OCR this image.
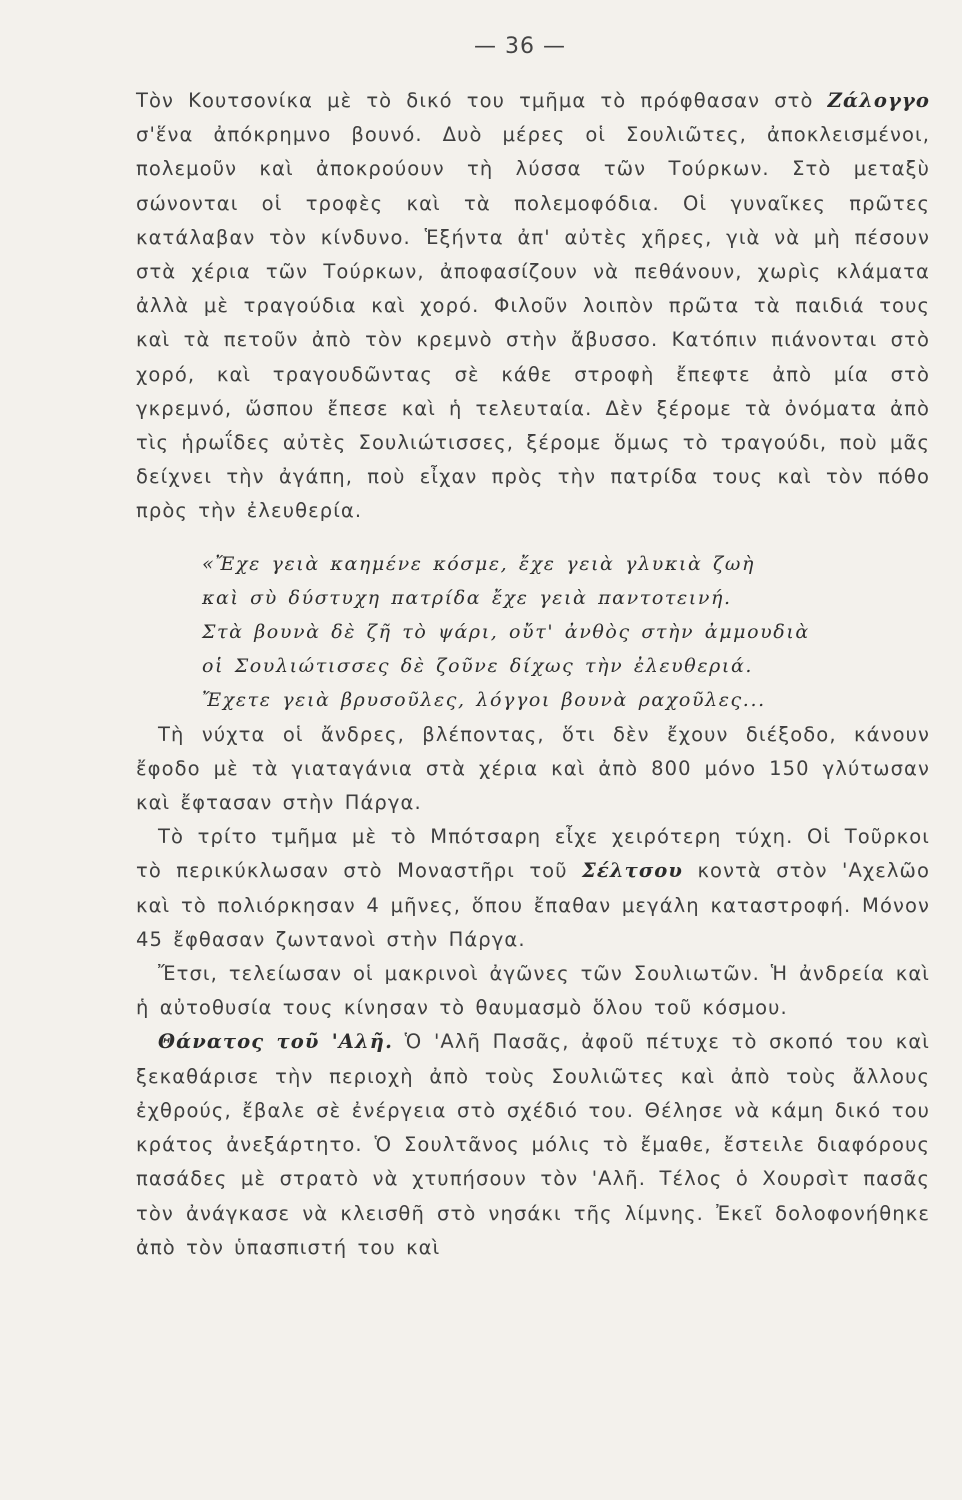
— 36 —

Τὸν Κουτσονίκα μὲ τὸ δικό του τμῆμα τὸ πρόφθασαν στὸ Ζάλογγο σ'ἕνα ἀπόκρημνο βουνό. Δυὸ μέρες οἱ Σουλιῶτες, ἀποκλεισμένοι, πολεμοῦν καὶ ἀποκρούουν τὴ λύσσα τῶν Τούρκων. Στὸ μεταξὺ σώνονται οἱ τροφὲς καὶ τὰ πολεμοφόδια. Οἱ γυναῖκες πρῶτες κατάλαβαν τὸν κίνδυνο. Ἑξήντα ἀπ' αὐτὲς χῆρες, γιὰ νὰ μὴ πέσουν στὰ χέρια τῶν Τούρκων, ἀποφασίζουν νὰ πεθάνουν, χωρὶς κλάματα ἀλλὰ μὲ τραγούδια καὶ χορό. Φιλοῦν λοιπὸν πρῶτα τὰ παιδιά τους καὶ τὰ πετοῦν ἀπὸ τὸν κρεμνὸ στὴν ἄβυσσο. Κατόπιν πιάνονται στὸ χορό, καὶ τραγουδῶντας σὲ κάθε στροφὴ ἔπεφτε ἀπὸ μία στὸ γκρεμνό, ὥσπου ἔπεσε καὶ ἡ τελευταία. Δὲν ξέρομε τὰ ὀνόματα ἀπὸ τὶς ἡρωΐδες αὐτὲς Σουλιώτισσες, ξέρομε ὅμως τὸ τραγούδι, ποὺ μᾶς δείχνει τὴν ἀγάπη, ποὺ εἶχαν πρὸς τὴν πατρίδα τους καὶ τὸν πόθο πρὸς τὴν ἐλευθερία.

«Ἔχε γειὰ καημένε κόσμε, ἔχε γειὰ γλυκιὰ ζωὴ
καὶ σὺ δύστυχη πατρίδα ἔχε γειὰ παντοτεινή.
Στὰ βουνὰ δὲ ζῆ τὸ ψάρι, οὔτ' ἀνθὸς στὴν ἀμμουδιὰ
οἱ Σουλιώτισσες δὲ ζοῦνε δίχως τὴν ἐλευθεριά.
Ἔχετε γειὰ βρυσοῦλες, λόγγοι βουνὰ ραχοῦλες...

Τὴ νύχτα οἱ ἄνδρες, βλέποντας, ὅτι δὲν ἔχουν διέξοδο, κάνουν ἔφοδο μὲ τὰ γιαταγάνια στὰ χέρια καὶ ἀπὸ 800 μόνο 150 γλύτωσαν καὶ ἔφτασαν στὴν Πάργα.

Τὸ τρίτο τμῆμα μὲ τὸ Μπότσαρη εἶχε χειρότερη τύχη. Οἱ Τοῦρκοι τὸ περικύκλωσαν στὸ Μοναστῆρι τοῦ Σέλτσου κοντὰ στὸν 'Αχελῶο καὶ τὸ πολιόρκησαν 4 μῆνες, ὅπου ἔπαθαν μεγάλη καταστροφή. Μόνον 45 ἔφθασαν ζωντανοὶ στὴν Πάργα.

Ἔτσι, τελείωσαν οἱ μακρινοὶ ἀγῶνες τῶν Σουλιωτῶν. Ἡ ἀνδρεία καὶ ἡ αὐτοθυσία τους κίνησαν τὸ θαυμασμὸ ὅλου τοῦ κόσμου.

Θάνατος τοῦ 'Αλῆ. Ὁ 'Αλῆ Πασᾶς, ἀφοῦ πέτυχε τὸ σκοπό του καὶ ξεκαθάρισε τὴν περιοχὴ ἀπὸ τοὺς Σουλιῶτες καὶ ἀπὸ τοὺς ἄλλους ἐχθρούς, ἔβαλε σὲ ἐνέργεια στὸ σχέδιό του. Θέλησε νὰ κάμη δικό του κράτος ἀνεξάρτητο. Ὁ Σουλτᾶνος μόλις τὸ ἔμαθε, ἔστειλε διαφόρους πασάδες μὲ στρατὸ νὰ χτυπήσουν τὸν 'Αλῆ. Τέλος ὁ Χουρσὶτ πασᾶς τὸν ἀνάγκασε νὰ κλεισθῆ στὸ νησάκι τῆς λίμνης. Ἐκεῖ δολοφονήθηκε ἀπὸ τὸν ὑπασπιστή του καὶ
